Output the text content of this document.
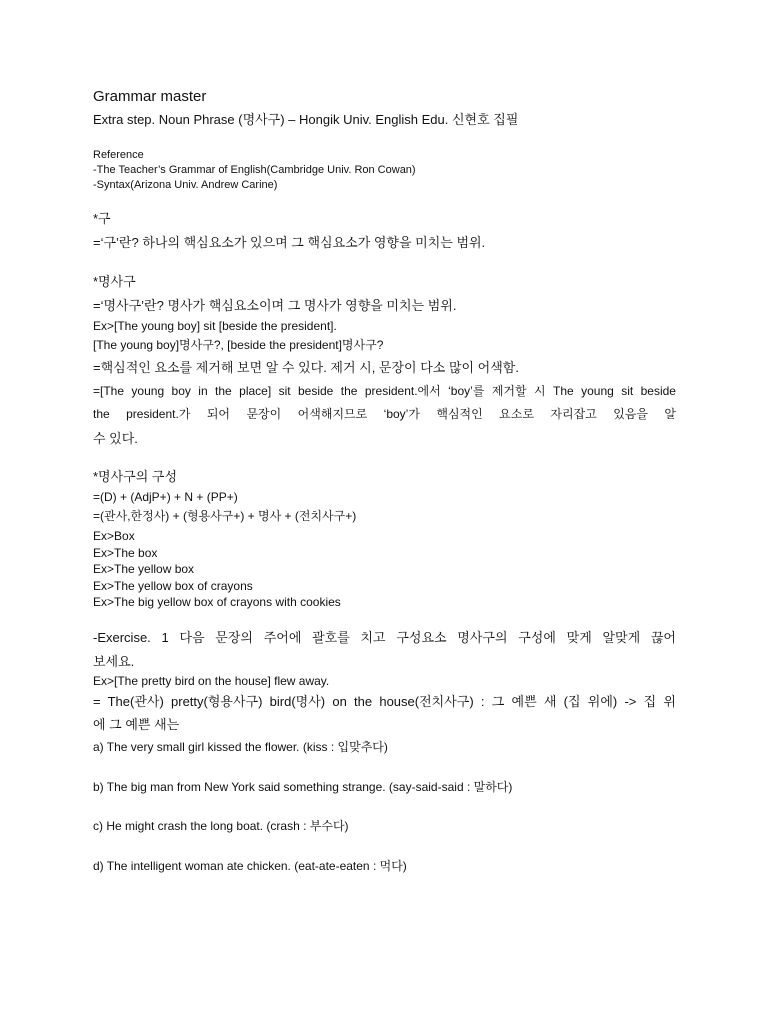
Grammar master
Extra step. Noun Phrase (명사구) – Hongik Univ. English Edu. 신현호 집필
Reference
-The Teacher’s Grammar of English(Cambridge Univ. Ron Cowan)
-Syntax(Arizona Univ. Andrew Carine)
*구
=‘구’란? 하나의 핵심요소가 있으며 그 핵심요소가 영향을 미치는 범위.
*명사구
=‘명사구’란? 명사가 핵심요소이며 그 명사가 영향을 미치는 범위.
Ex>[The young boy] sit [beside the president].
[The young boy]명사구?, [beside the president]명사구?
=핵심적인 요소를 제거해 보면 알 수 있다. 제거 시, 문장이 다소 많이 어색함.
=[The young boy in the place] sit beside the president.에서 ‘boy’를 제거할 시 The young sit beside
the president.가 되어 문장이 어색해지므로 ‘boy’가 핵심적인 요소로 자리잡고 있음을 알
수 있다.
*명사구의 구성
=(D) + (AdjP+) + N + (PP+)
=(관사,한정사) + (형용사구+) + 명사 + (전치사구+)
Ex>Box
Ex>The box
Ex>The yellow box
Ex>The yellow box of crayons
Ex>The big yellow box of crayons with cookies
-Exercise. 1 다음 문장의 주어에 괄호를 치고 구성요소 명사구의 구성에 맞게 알맞게 끊어
보세요.
Ex>[The pretty bird on the house] flew away.
= The(관사) pretty(형용사구) bird(명사) on the house(전치사구) : 그 예쁜 새 (집 위에) -> 집 위
에 그 예쁜 새는
a) The very small girl kissed the flower. (kiss : 입맞추다)
b) The big man from New York said something strange. (say-said-said : 말하다)
c) He might crash the long boat. (crash : 부수다)
d) The intelligent woman ate chicken. (eat-ate-eaten : 먹다)
